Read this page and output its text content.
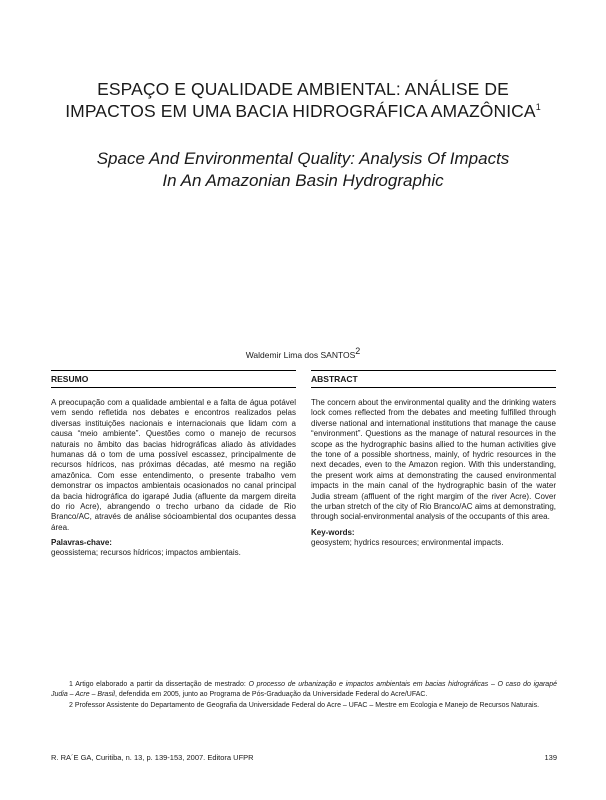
ESPAÇO E QUALIDADE AMBIENTAL: ANÁLISE DE
IMPACTOS EM UMA BACIA HIDROGRÁFICA AMAZÔNICA$^1$
Space And Environmental Quality: Analysis Of Impacts
In An Amazonian Basin Hydrographic
Waldemir Lima dos SANTOS$^2$
RESUMO

A preocupação com a qualidade ambiental e a falta de água potável vem sendo refletida nos debates e encontros realizados pelas diversas instituições nacionais e internacionais que lidam com a causa “meio ambiente”. Questões como o manejo de recursos naturais no âmbito das bacias hidrográficas aliado às atividades humanas dá o tom de uma possível escassez, principalmente de recursos hídricos, nas próximas décadas, até mesmo na região amazônica. Com esse entendimento, o presente trabalho vem demonstrar os impactos ambientais ocasionados no canal principal da bacia hidrográfica do igarapé Judia (afluente da margem direita do rio Acre), abrangendo o trecho urbano da cidade de Rio Branco/AC, através de análise sócioambiental dos ocupantes dessa área.

Palavras-chave:
geossistema; recursos hídricos; impactos ambientais.
ABSTRACT

The concern about the environmental quality and the drinking waters lock comes reflected from the debates and meeting fulfilled through diverse national and international institutions that manage the cause “environment”. Questions as the manage of natural resources in the scope as the hydrographic basins allied to the human activities give the tone of a possible shortness, mainly, of hydric resources in the next decades, even to the Amazon region. With this understanding, the present work aims at demonstrating the caused environmental impacts in the main canal of the hydrographic basin of the water Judia stream (affluent of the right margim of the river Acre). Cover the urban stretch of the city of Rio Branco/AC aims at demonstrating, through social-environmental analysis of the occupants of this area.

Key-words:
geosystem; hydrics resources; environmental impacts.

1 Artigo elaborado a partir da dissertação de mestrado: O processo de urbanização e impactos ambientais em bacias hidrográficas – O caso do igarapé Judia – Acre – Brasil, defendida em 2005, junto ao Programa de Pós-Graduação da Universidade Federal do Acre/UFAC.

2 Professor Assistente do Departamento de Geografia da Universidade Federal do Acre – UFAC – Mestre em Ecologia e Manejo de Recursos Naturais.

R. RA´E GA, Curitiba, n. 13, p. 139-153, 2007. Editora UFPR	139
